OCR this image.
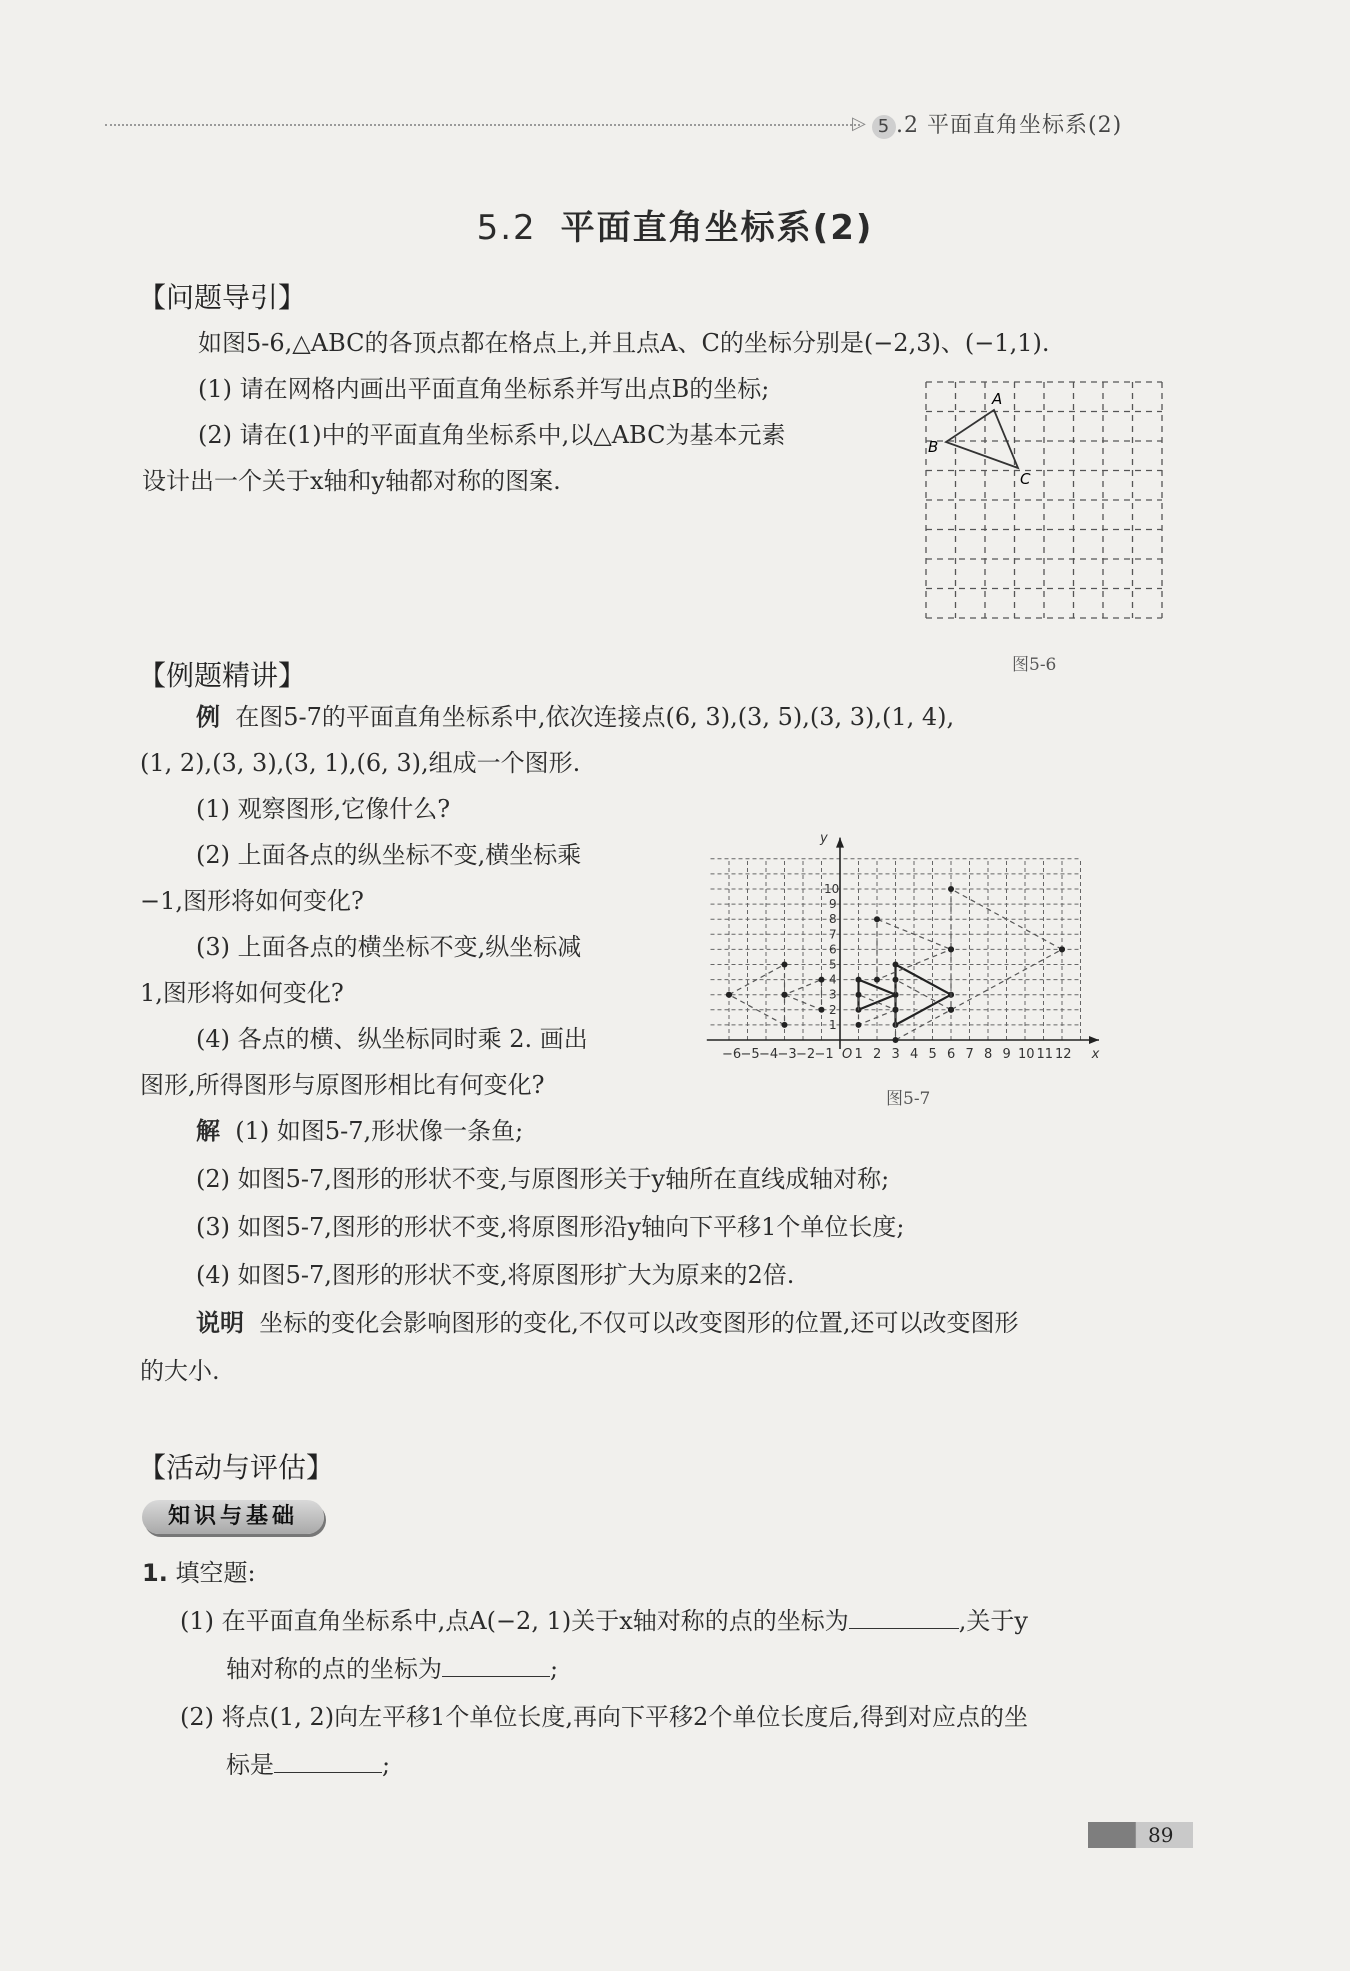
▷ 5 .2 平面直角坐标系(2)
5.2 平面直角坐标系(2)
【问题导引】
如图5-6,△ABC的各顶点都在格点上,并且点A、C的坐标分别是(−2,3)、(−1,1).
(1) 请在网格内画出平面直角坐标系并写出点B的坐标;
(2) 请在(1)中的平面直角坐标系中,以△ABC为基本元素
设计出一个关于x轴和y轴都对称的图案.
A
B
C
图5-6
【例题精讲】
例 在图5-7的平面直角坐标系中,依次连接点(6, 3),(3, 5),(3, 3),(1, 4),
(1, 2),(3, 3),(3, 1),(6, 3),组成一个图形.
(1) 观察图形,它像什么?
(2) 上面各点的纵坐标不变,横坐标乘
−1,图形将如何变化?
(3) 上面各点的横坐标不变,纵坐标减
1,图形将如何变化?
(4) 各点的横、纵坐标同时乘 2. 画出
图形,所得图形与原图形相比有何变化?
−6 −5 −4 −3 −2 −1 O 1 2 3 4 5 6 7 8 9 10 11 12
1
2
3
4
5
6
7
8
9
10
x
y
图5-7
解 (1) 如图5-7,形状像一条鱼;
(2) 如图5-7,图形的形状不变,与原图形关于y轴所在直线成轴对称;
(3) 如图5-7,图形的形状不变,将原图形沿y轴向下平移1个单位长度;
(4) 如图5-7,图形的形状不变,将原图形扩大为原来的2倍.
说明 坐标的变化会影响图形的变化,不仅可以改变图形的位置,还可以改变图形
的大小.
【活动与评估】
知识与基础
1. 填空题:
(1) 在平面直角坐标系中,点A(−2, 1)关于x轴对称的点的坐标为	,关于y
轴对称的点的坐标为	;
(2) 将点(1, 2)向左平移1个单位长度,再向下平移2个单位长度后,得到对应点的坐
标是	;
89
